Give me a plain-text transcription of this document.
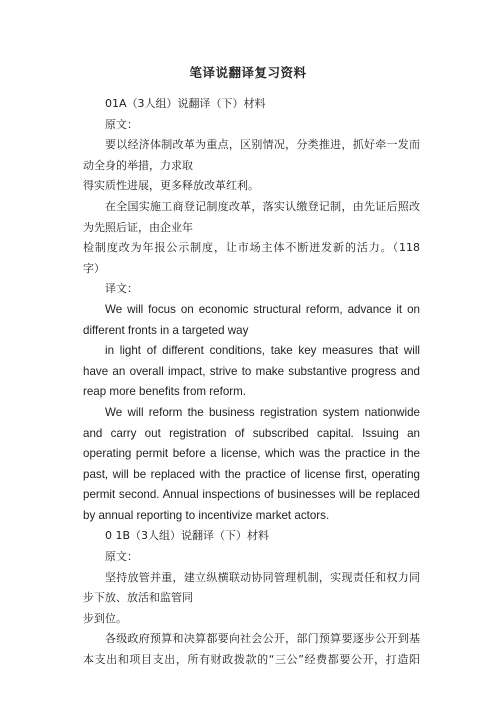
笔译说翻译复习资料

01A（3人组）说翻译（下）材料

原文：

要以经济体制改革为重点，区别情况，分类推进，抓好牵一发而

动全身的举措，力求取

得实质性进展，更多释放改革红利。

在全国实施工商登记制度改革，落实认缴登记制，由先证后照改

为先照后证，由企业年

检制度改为年报公示制度，让市场主体不断迸发新的活力。（118

字）

译文：

We will focus on economic structural reform, advance it on

different fronts in a targeted way

in light of different conditions, take key measures that will

have an overall impact, strive to make substantive progress and

reap more benefits from reform.

We will reform the business registration system nationwide

and carry out registration of subscribed capital. Issuing an

operating permit before a license, which was the practice in the

past, will be replaced with the practice of license first, operating

permit second. Annual inspections of businesses will be replaced

by annual reporting to incentivize market actors.

0 1B（3人组）说翻译（下）材料

原文：

坚持放管并重，建立纵横联动协同管理机制，实现责任和权力同

步下放、放活和监管同

步到位。

各级政府预算和决算都要向社会公开，部门预算要逐步公开到基

本支出和项目支出，所有财政拨款的“三公”经费都要公开，打造阳
